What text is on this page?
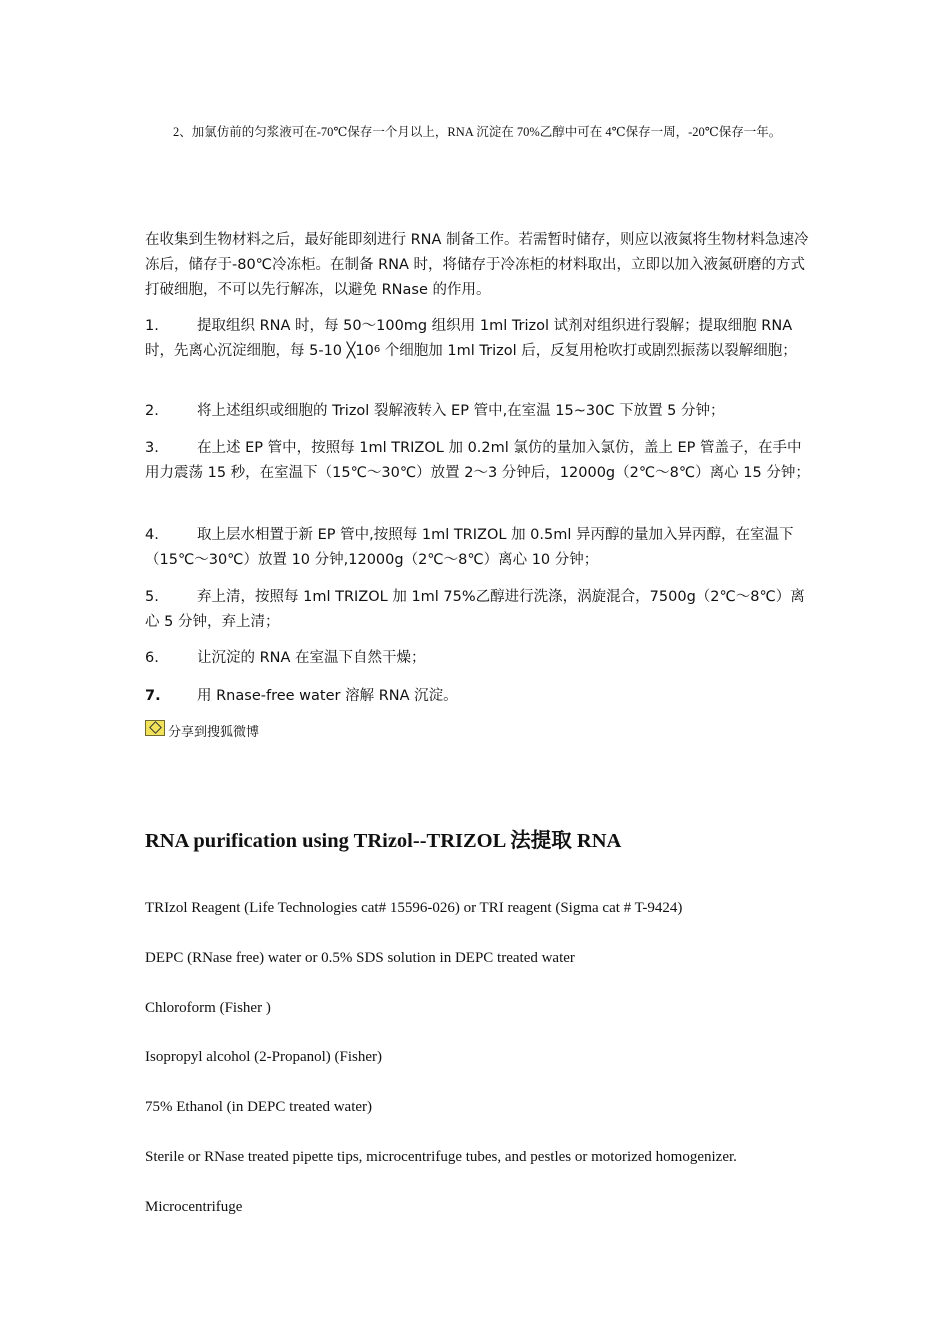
2、加氯仿前的匀浆液可在-70℃保存一个月以上，RNA 沉淀在 70%乙醇中可在 4℃保存一周，-20℃保存一年。

在收集到生物材料之后，最好能即刻进行 RNA 制备工作。若需暂时储存，则应以液氮将生物材料急速冷冻后，储存于-80℃冷冻柜。在制备 RNA 时，将储存于冷冻柜的材料取出，立即以加入液氮研磨的方式打破细胞，不可以先行解冻，以避免 RNase 的作用。

1.	提取组织 RNA 时，每 50～100mg 组织用 1ml Trizol 试剂对组织进行裂解；提取细胞 RNA 时，先离心沉淀细胞，每 5-10 $╳10^6$ 个细胞加 1ml Trizol 后，反复用枪吹打或剧烈振荡以裂解细胞；

2.	将上述组织或细胞的 Trizol 裂解液转入 EP 管中,在室温 15~30C 下放置 5 分钟；

3.	在上述 EP 管中，按照每 1ml TRIZOL 加 0.2ml 氯仿的量加入氯仿，盖上 EP 管盖子，在手中用力震荡 15 秒，在室温下（15℃～30℃）放置 2～3 分钟后，12000g（2℃～8℃）离心 15 分钟；

4.	取上层水相置于新 EP 管中,按照每 1ml TRIZOL 加 0.5ml 异丙醇的量加入异丙醇，在室温下（15℃～30℃）放置 10 分钟,12000g（2℃～8℃）离心 10 分钟；

5.	弃上清，按照每 1ml TRIZOL 加 1ml 75%乙醇进行洗涤，涡旋混合，7500g（2℃～8℃）离心 5 分钟，弃上清；

6.	让沉淀的 RNA 在室温下自然干燥；

7.	用 Rnase-free water 溶解 RNA 沉淀。

分享到搜狐微博
RNA purification using TRizol--TRIZOL 法提取 RNA

TRIzol Reagent (Life Technologies cat# 15596-026) or TRI reagent (Sigma cat # T-9424)

DEPC (RNase free) water or 0.5% SDS solution in DEPC treated water

Chloroform (Fisher )

Isopropyl alcohol (2-Propanol) (Fisher)

75% Ethanol (in DEPC treated water)

Sterile or RNase treated pipette tips, microcentrifuge tubes, and pestles or motorized homogenizer.

Microcentrifuge
